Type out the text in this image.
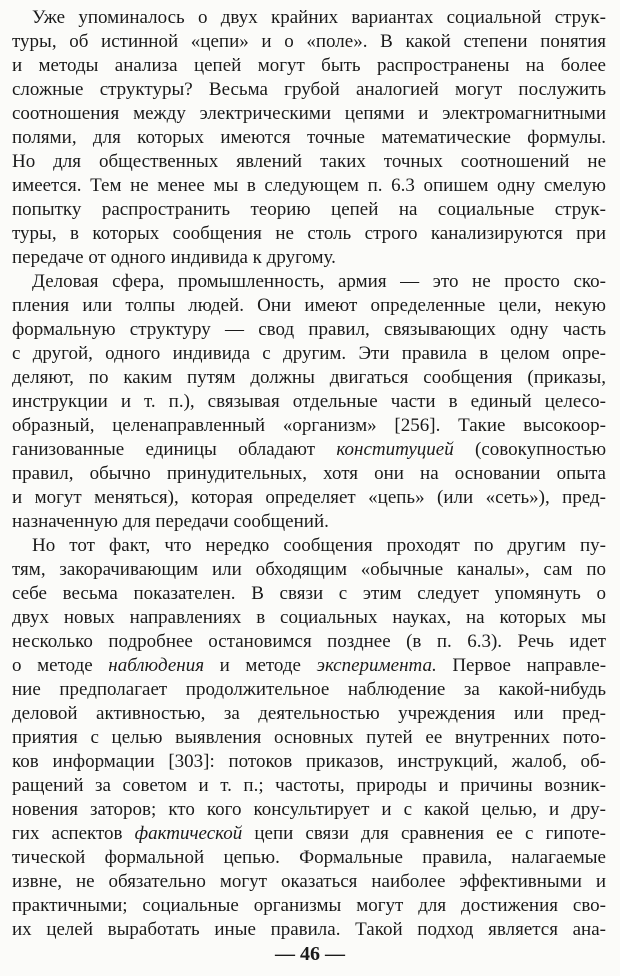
Уже упоминалось о двух крайних вариантах социальной струк-
туры, об истинной «цепи» и о «поле». В какой степени понятия
и методы анализа цепей могут быть распространены на более
сложные структуры? Весьма грубой аналогией могут послужить
соотношения между электрическими цепями и электромагнитными
полями, для которых имеются точные математические формулы.
Но для общественных явлений таких точных соотношений не
имеется. Тем не менее мы в следующем п. 6.3 опишем одну смелую
попытку распространить теорию цепей на социальные струк-
туры, в которых сообщения не столь строго канализируются при
передаче от одного индивида к другому.
Деловая сфера, промышленность, армия — это не просто ско-
пления или толпы людей. Они имеют определенные цели, некую
формальную структуру — свод правил, связывающих одну часть
с другой, одного индивида с другим. Эти правила в целом опре-
деляют, по каким путям должны двигаться сообщения (приказы,
инструкции и т. п.), связывая отдельные части в единый целесо-
образный, целенаправленный «организм» [256]. Такие высокоор-
ганизованные единицы обладают конституцией (совокупностью
правил, обычно принудительных, хотя они на основании опыта
и могут меняться), которая определяет «цепь» (или «сеть»), пред-
назначенную для передачи сообщений.
Но тот факт, что нередко сообщения проходят по другим пу-
тям, закорачивающим или обходящим «обычные каналы», сам по
себе весьма показателен. В связи с этим следует упомянуть о
двух новых направлениях в социальных науках, на которых мы
несколько подробнее остановимся позднее (в п. 6.3). Речь идет
о методе наблюдения и методе эксперимента. Первое направле-
ние предполагает продолжительное наблюдение за какой-нибудь
деловой активностью, за деятельностью учреждения или пред-
приятия с целью выявления основных путей ее внутренних пото-
ков информации [303]: потоков приказов, инструкций, жалоб, об-
ращений за советом и т. п.; частоты, природы и причины возник-
новения заторов; кто кого консультирует и с какой целью, и дру-
гих аспектов фактической цепи связи для сравнения ее с гипоте-
тической формальной цепью. Формальные правила, налагаемые
извне, не обязательно могут оказаться наиболее эффективными и
практичными; социальные организмы могут для достижения сво-
их целей выработать иные правила. Такой подход является ана-
— 46 —
